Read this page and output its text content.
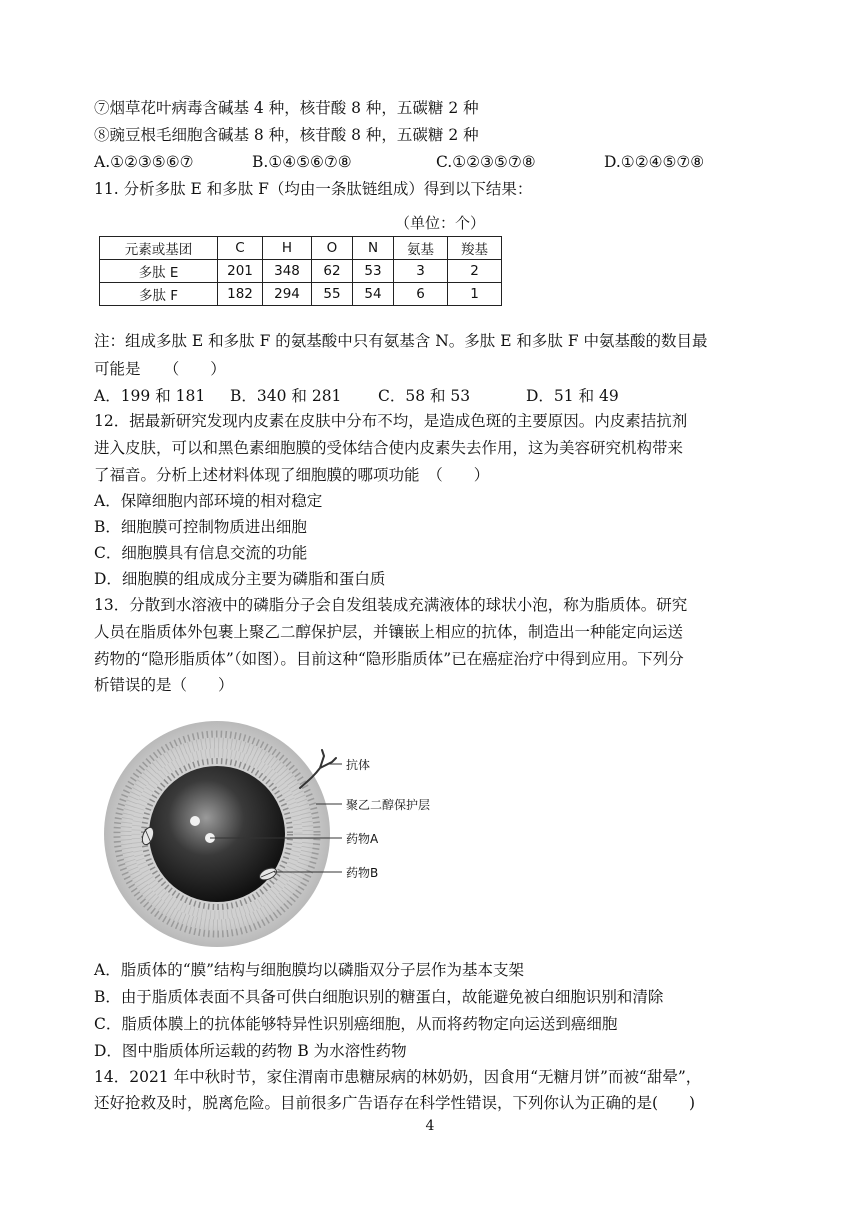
⑦烟草花叶病毒含碱基 4 种，核苷酸 8 种，五碳糖 2 种
⑧豌豆根毛细胞含碱基 8 种，核苷酸 8 种，五碳糖 2 种
A.①②③⑤⑥⑦	B.①④⑤⑥⑦⑧	C.①②③⑤⑦⑧	D.①②④⑤⑦⑧
11. 分析多肽 E 和多肽 F（均由一条肽链组成）得到以下结果：
（单位：个）
元素或基团	C	H	O	N	氨基	羧基
多肽 E	201	348	62	53	3	2
多肽 F	182	294	55	54	6	1
注：组成多肽 E 和多肽 F 的氨基酸中只有氨基含 N。多肽 E 和多肽 F 中氨基酸的数目最
可能是　　（　　）
A．199 和 181 B．340 和 281 C．58 和 53	D．51 和 49
12．据最新研究发现内皮素在皮肤中分布不均，是造成色斑的主要原因。内皮素拮抗剂
进入皮肤，可以和黑色素细胞膜的受体结合使内皮素失去作用，这为美容研究机构带来
了福音。分析上述材料体现了细胞膜的哪项功能　（　　）
A．保障细胞内部环境的相对稳定
B．细胞膜可控制物质进出细胞
C．细胞膜具有信息交流的功能
D．细胞膜的组成成分主要为磷脂和蛋白质
13．分散到水溶液中的磷脂分子会自发组装成充满液体的球状小泡，称为脂质体。研究
人员在脂质体外包裹上聚乙二醇保护层，并镶嵌上相应的抗体，制造出一种能定向运送
药物的“隐形脂质体”（如图）。目前这种“隐形脂质体”已在癌症治疗中得到应用。下列分
析错误的是（　　）
抗体
聚乙二醇保护层
药物A
药物B
A．脂质体的“膜”结构与细胞膜均以磷脂双分子层作为基本支架
B．由于脂质体表面不具备可供白细胞识别的糖蛋白，故能避免被白细胞识别和清除
C．脂质体膜上的抗体能够特异性识别癌细胞，从而将药物定向运送到癌细胞
D．图中脂质体所运载的药物 B 为水溶性药物
14．2021 年中秋时节，家住渭南市患糖尿病的林奶奶，因食用“无糖月饼”而被“甜晕”，
还好抢救及时，脱离危险。目前很多广告语存在科学性错误，下列你认为正确的是(　　)
4
